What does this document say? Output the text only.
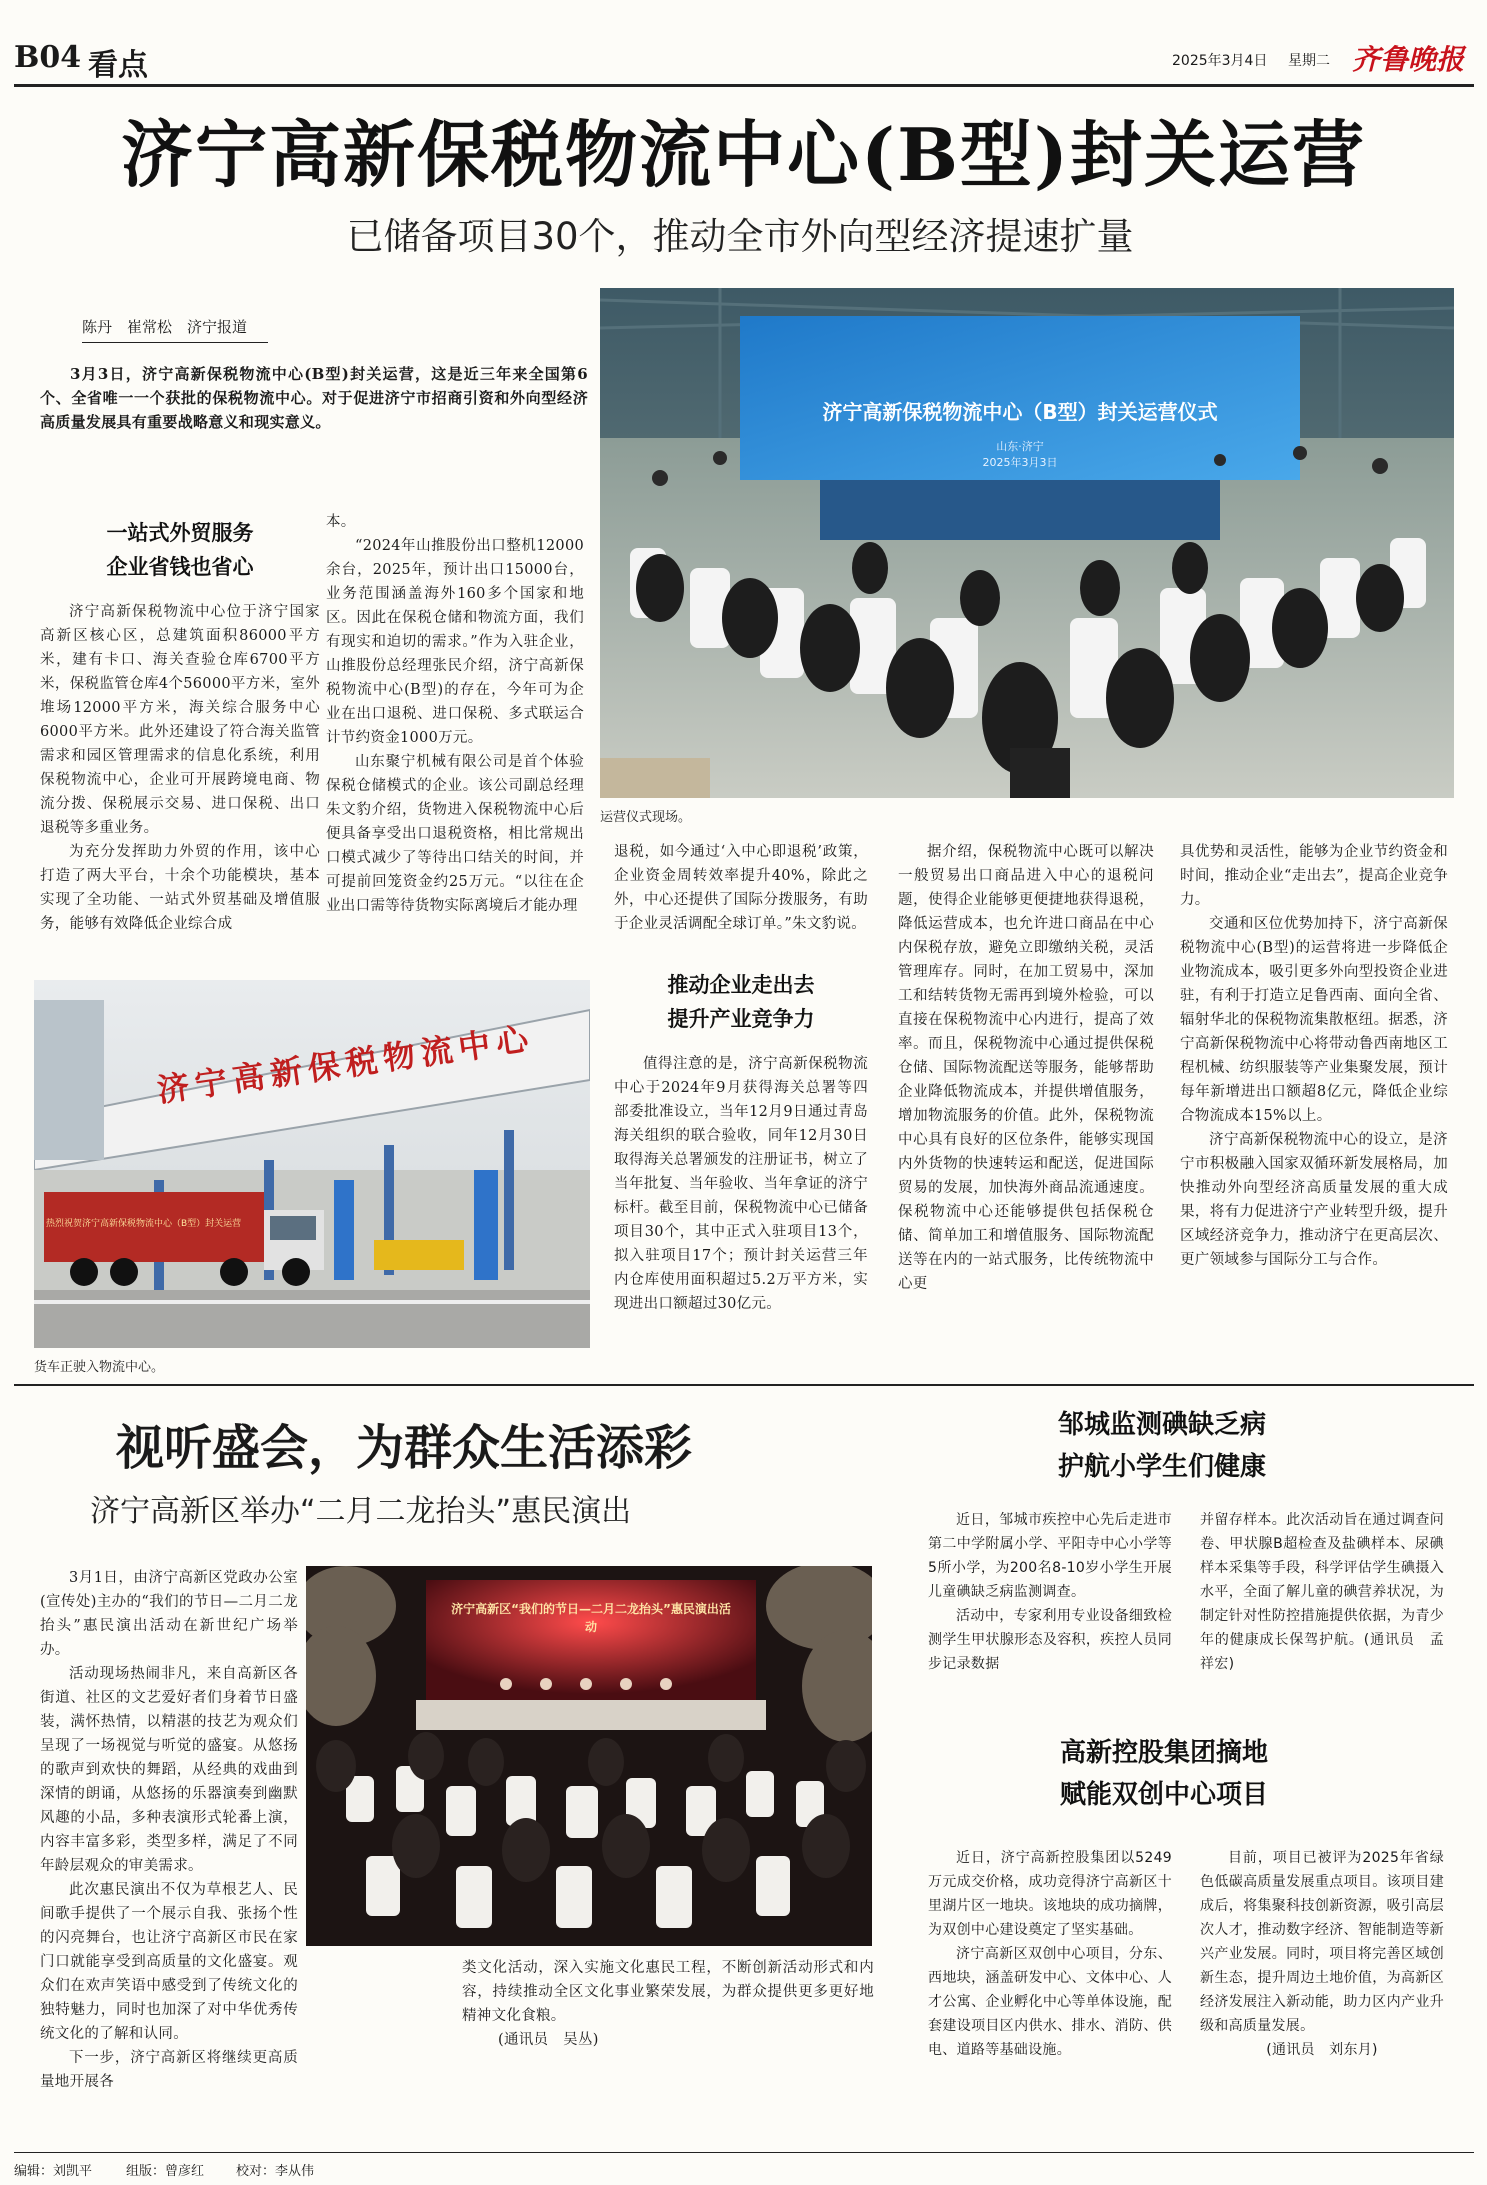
B04 看点	2025年3月4日 星期二 齐鲁晚报
济宁高新保税物流中心(B型)封关运营
已储备项目30个，推动全市外向型经济提速扩量
陈丹　崔常松　济宁报道

3月3日，济宁高新保税物流中心(B型)封关运营，这是近三年来全国第6个、全省唯一一个获批的保税物流中心。对于促进济宁市招商引资和外向型经济高质量发展具有重要战略意义和现实意义。

一站式外贸服务
企业省钱也省心

济宁高新保税物流中心位于济宁国家高新区核心区，总建筑面积86000平方米，建有卡口、海关查验仓库6700平方米，保税监管仓库4个56000平方米，室外堆场12000平方米，海关综合服务中心6000平方米。此外还建设了符合海关监管需求和园区管理需求的信息化系统，利用保税物流中心，企业可开展跨境电商、物流分拨、保税展示交易、进口保税、出口退税等多重业务。

为充分发挥助力外贸的作用，该中心打造了两大平台，十余个功能模块，基本实现了全功能、一站式外贸基础及增值服务，能够有效降低企业综合成

本。

“2024年山推股份出口整机12000余台，2025年，预计出口15000台，业务范围涵盖海外160多个国家和地区。因此在保税仓储和物流方面，我们有现实和迫切的需求。”作为入驻企业，山推股份总经理张民介绍，济宁高新保税物流中心(B型)的存在，今年可为企业在出口退税、进口保税、多式联运合计节约资金1000万元。

山东聚宁机械有限公司是首个体验保税仓储模式的企业。该公司副总经理朱文豹介绍，货物进入保税物流中心后便具备享受出口退税资格，相比常规出口模式减少了等待出口结关的时间，并可提前回笼资金约25万元。“以往在企业出口需等待货物实际离境后才能办理

济宁高新保税物流中心（B型）封关运营仪式
山东·济宁
2025年3月3日
运营仪式现场。
退税，如今通过‘入中心即退税’政策，企业资金周转效率提升40%，除此之外，中心还提供了国际分拨服务，有助于企业灵活调配全球订单。”朱文豹说。
推动企业走出去
提升产业竞争力

值得注意的是，济宁高新保税物流中心于2024年9月获得海关总署等四部委批准设立，当年12月9日通过青岛海关组织的联合验收，同年12月30日取得海关总署颁发的注册证书，树立了当年批复、当年验收、当年拿证的济宁标杆。截至目前，保税物流中心已储备项目30个，其中正式入驻项目13个，拟入驻项目17个；预计封关运营三年内仓库使用面积超过5.2万平方米，实现进出口额超过30亿元。

据介绍，保税物流中心既可以解决一般贸易出口商品进入中心的退税问题，使得企业能够更便捷地获得退税，降低运营成本，也允许进口商品在中心内保税存放，避免立即缴纳关税，灵活管理库存。同时，在加工贸易中，深加工和结转货物无需再到境外检验，可以直接在保税物流中心内进行，提高了效率。而且，保税物流中心通过提供保税仓储、国际物流配送等服务，能够帮助企业降低物流成本，并提供增值服务，增加物流服务的价值。此外，保税物流中心具有良好的区位条件，能够实现国内外货物的快速转运和配送，促进国际贸易的发展，加快海外商品流通速度。保税物流中心还能够提供包括保税仓储、简单加工和增值服务、国际物流配送等在内的一站式服务，比传统物流中心更

具优势和灵活性，能够为企业节约资金和时间，推动企业“走出去”，提高企业竞争力。

交通和区位优势加持下，济宁高新保税物流中心(B型)的运营将进一步降低企业物流成本，吸引更多外向型投资企业进驻，有利于打造立足鲁西南、面向全省、辐射华北的保税物流集散枢纽。据悉，济宁高新保税物流中心将带动鲁西南地区工程机械、纺织服装等产业集聚发展，预计每年新增进出口额超8亿元，降低企业综合物流成本15%以上。

济宁高新保税物流中心的设立，是济宁市积极融入国家双循环新发展格局，加快推动外向型经济高质量发展的重大成果，将有力促进济宁产业转型升级，提升区域经济竞争力，推动济宁在更高层次、更广领域参与国际分工与合作。

济宁高新保税物流中心
热烈祝贺济宁高新保税物流中心（B型）封关运营
货车正驶入物流中心。
视听盛会，为群众生活添彩
济宁高新区举办“二月二龙抬头”惠民演出

3月1日，由济宁高新区党政办公室(宣传处)主办的“我们的节日—二月二龙抬头”惠民演出活动在新世纪广场举办。

活动现场热闹非凡，来自高新区各街道、社区的文艺爱好者们身着节日盛装，满怀热情，以精湛的技艺为观众们呈现了一场视觉与听觉的盛宴。从悠扬的歌声到欢快的舞蹈，从经典的戏曲到深情的朗诵，从悠扬的乐器演奏到幽默风趣的小品，多种表演形式轮番上演，内容丰富多彩，类型多样，满足了不同年龄层观众的审美需求。

此次惠民演出不仅为草根艺人、民间歌手提供了一个展示自我、张扬个性的闪亮舞台，也让济宁高新区市民在家门口就能享受到高质量的文化盛宴。观众们在欢声笑语中感受到了传统文化的独特魅力，同时也加深了对中华优秀传统文化的了解和认同。

下一步，济宁高新区将继续更高质量地开展各

济宁高新区“我们的节日—二月二龙抬头”惠民演出活动
类文化活动，深入实施文化惠民工程，不断创新活动形式和内容，持续推动全区文化事业繁荣发展，为群众提供更多更好地精神文化食粮。
(通讯员　吴丛)
邹城监测碘缺乏病
护航小学生们健康

近日，邹城市疾控中心先后走进市第二中学附属小学、平阳寺中心小学等5所小学，为200名8-10岁小学生开展儿童碘缺乏病监测调查。

活动中，专家利用专业设备细致检测学生甲状腺形态及容积，疾控人员同步记录数据

并留存样本。此次活动旨在通过调查问卷、甲状腺B超检查及盐碘样本、尿碘样本采集等手段，科学评估学生碘摄入水平，全面了解儿童的碘营养状况，为制定针对性防控措施提供依据，为青少年的健康成长保驾护航。(通讯员　孟祥宏)
高新控股集团摘地
赋能双创中心项目

近日，济宁高新控股集团以5249万元成交价格，成功竞得济宁高新区十里湖片区一地块。该地块的成功摘牌，为双创中心建设奠定了坚实基础。

济宁高新区双创中心项目，分东、西地块，涵盖研发中心、文体中心、人才公寓、企业孵化中心等单体设施，配套建设项目区内供水、排水、消防、供电、道路等基础设施。

目前，项目已被评为2025年省绿色低碳高质量发展重点项目。该项目建成后，将集聚科技创新资源，吸引高层次人才，推动数字经济、智能制造等新兴产业发展。同时，项目将完善区域创新生态，提升周边土地价值，为高新区经济发展注入新动能，助力区内产业升级和高质量发展。

(通讯员　刘东月)
编辑：刘凯平	组版：曾彦红 校对：李从伟
